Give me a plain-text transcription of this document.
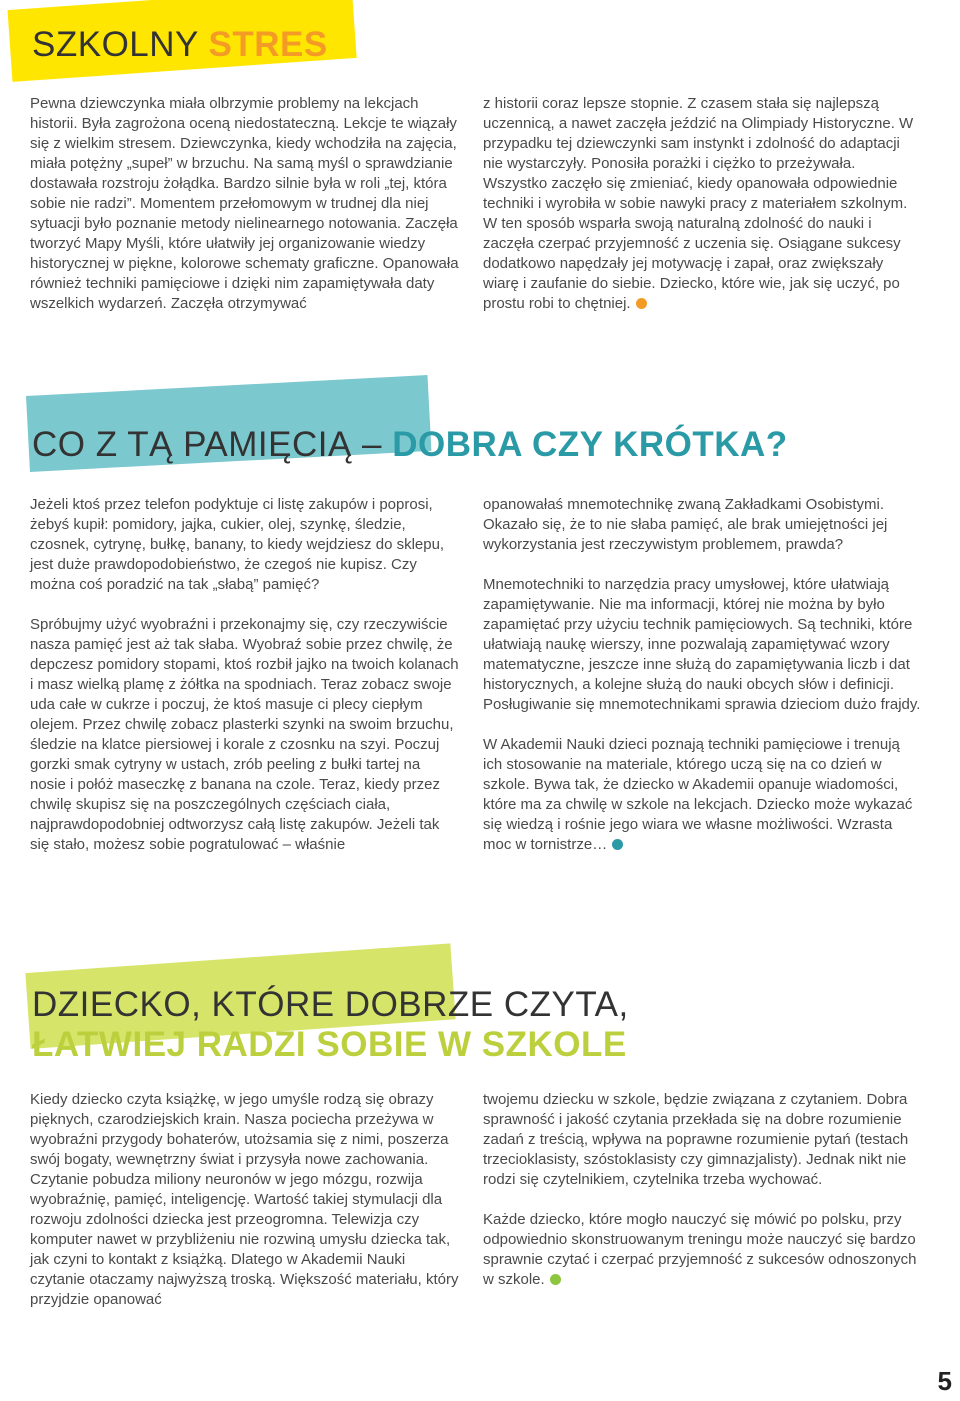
SZKOLNY STRES

Pewna dziewczynka miała olbrzymie problemy na lekcjach historii. Była zagrożona oceną niedostateczną. Lekcje te wiązały się z wielkim stresem. Dziewczynka, kiedy wchodziła na zajęcia, miała potężny „supeł” w brzuchu. Na samą myśl o sprawdzianie dostawała rozstroju żołądka. Bardzo silnie była w roli „tej, która sobie nie radzi”. Momentem przełomowym w trudnej dla niej sytuacji było poznanie metody nielinearnego notowania. Zaczęła tworzyć Mapy Myśli, które ułatwiły jej organizowanie wiedzy historycznej w piękne, kolorowe schematy graficzne. Opanowała również techniki pamięciowe i dzięki nim zapamiętywała daty wszelkich wydarzeń. Zaczęła otrzymywać

z historii coraz lepsze stopnie. Z czasem stała się najlepszą uczennicą, a nawet zaczęła jeździć na Olimpiady Historyczne. W przypadku tej dziewczynki sam instynkt i zdolność do adaptacji nie wystarczyły. Ponosiła porażki i ciężko to przeżywała. Wszystko zaczęło się zmieniać, kiedy opanowała odpowiednie techniki i wyrobiła w sobie nawyki pracy z materiałem szkolnym. W ten sposób wsparła swoją naturalną zdolność do nauki i zaczęła czerpać przyjemność z uczenia się. Osiągane sukcesy dodatkowo napędzały jej motywację i zapał, oraz zwiększały wiarę i zaufanie do siebie. Dziecko, które wie, jak się uczyć, po prostu robi to chętniej.

CO Z TĄ PAMIĘCIĄ – DOBRA CZY KRÓTKA?

Jeżeli ktoś przez telefon podyktuje ci listę zakupów i poprosi, żebyś kupił: pomidory, jajka, cukier, olej, szynkę, śledzie, czosnek, cytrynę, bułkę, banany, to kiedy wejdziesz do sklepu, jest duże prawdopodobieństwo, że czegoś nie kupisz. Czy można coś poradzić na tak „słabą” pamięć?

Spróbujmy użyć wyobraźni i przekonajmy się, czy rzeczywiście nasza pamięć jest aż tak słaba. Wyobraź sobie przez chwilę, że depczesz pomidory stopami, ktoś rozbił jajko na twoich kolanach i masz wielką plamę z żółtka na spodniach. Teraz zobacz swoje uda całe w cukrze i poczuj, że ktoś masuje ci plecy ciepłym olejem. Przez chwilę zobacz plasterki szynki na swoim brzuchu, śledzie na klatce piersiowej i korale z czosnku na szyi. Poczuj gorzki smak cytryny w ustach, zrób peeling z bułki tartej na nosie i połóż maseczkę z banana na czole. Teraz, kiedy przez chwilę skupisz się na poszczególnych częściach ciała, najprawdopodobniej odtworzysz całą listę zakupów. Jeżeli tak się stało, możesz sobie pogratulować – właśnie

opanowałaś mnemotechnikę zwaną Zakładkami Osobistymi. Okazało się, że to nie słaba pamięć, ale brak umiejętności jej wykorzystania jest rzeczywistym problemem, prawda?

Mnemotechniki to narzędzia pracy umysłowej, które ułatwiają zapamiętywanie. Nie ma informacji, której nie można by było zapamiętać przy użyciu technik pamięciowych. Są techniki, które ułatwiają naukę wierszy, inne pozwalają zapamiętywać wzory matematyczne, jeszcze inne służą do zapamiętywania liczb i dat historycznych, a kolejne służą do nauki obcych słów i definicji. Posługiwanie się mnemotechnikami sprawia dzieciom dużo frajdy.

W Akademii Nauki dzieci poznają techniki pamięciowe i trenują ich stosowanie na materiale, którego uczą się na co dzień w szkole. Bywa tak, że dziecko w Akademii opanuje wiadomości, które ma za chwilę w szkole na lekcjach. Dziecko może wykazać się wiedzą i rośnie jego wiara we własne możliwości. Wzrasta moc w tornistrze…

DZIECKO, KTÓRE DOBRZE CZYTA,
ŁATWIEJ RADZI SOBIE W SZKOLE

Kiedy dziecko czyta książkę, w jego umyśle rodzą się obrazy pięknych, czarodziejskich krain. Nasza pociecha przeżywa w wyobraźni przygody bohaterów, utożsamia się z nimi, poszerza swój bogaty, wewnętrzny świat i przysyła nowe zachowania. Czytanie pobudza miliony neuronów w jego mózgu, rozwija wyobraźnię, pamięć, inteligencję. Wartość takiej stymulacji dla rozwoju zdolności dziecka jest przeogromna. Telewizja czy komputer nawet w przybliżeniu nie rozwiną umysłu dziecka tak, jak czyni to kontakt z książką. Dlatego w Akademii Nauki czytanie otaczamy najwyższą troską. Większość materiału, który przyjdzie opanować

twojemu dziecku w szkole, będzie związana z czytaniem. Dobra sprawność i jakość czytania przekłada się na dobre rozumienie zadań z treścią, wpływa na poprawne rozumienie pytań (testach trzecioklasisty, szóstoklasisty czy gimnazjalisty). Jednak nikt nie rodzi się czytelnikiem, czytelnika trzeba wychować.

Każde dziecko, które mogło nauczyć się mówić po polsku, przy odpowiednio skonstruowanym treningu może nauczyć się bardzo sprawnie czytać i czerpać przyjemność z sukcesów odnoszonych w szkole.

5
